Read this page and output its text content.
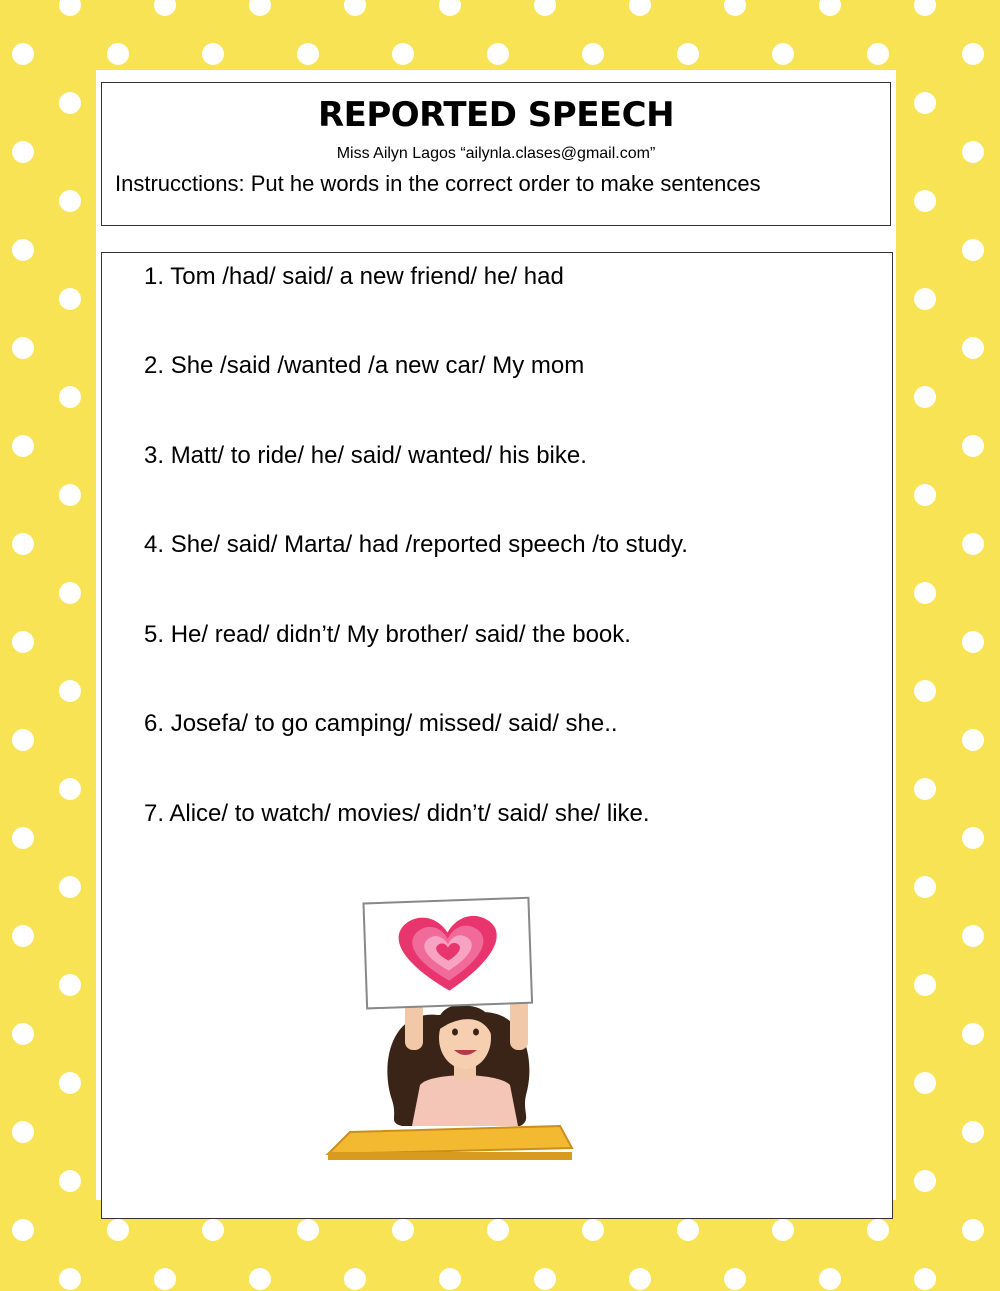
REPORTED SPEECH
Miss Ailyn Lagos “ailynla.clases@gmail.com”
Instrucctions: Put he words in the correct order to make sentences
1. Tom /had/ said/ a new friend/ he/ had
2. She /said /wanted /a new car/ My mom
3. Matt/ to ride/ he/ said/ wanted/ his bike.
4. She/ said/ Marta/ had /reported speech /to study.
5. He/ read/ didn’t/ My brother/ said/ the book.
6. Josefa/ to go camping/ missed/ said/ she..
7. Alice/ to watch/ movies/ didn’t/ said/ she/ like.
